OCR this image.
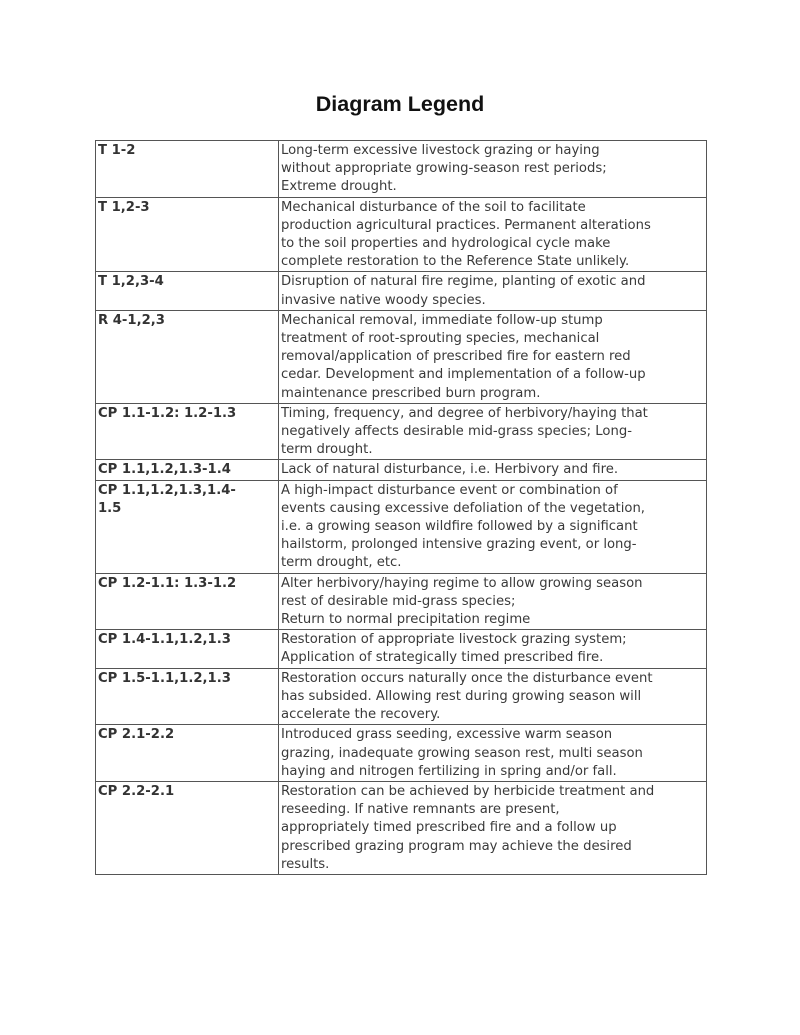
Diagram Legend
T 1-2	Long-term excessive livestock grazing or haying
without appropriate growing-season rest periods;
Extreme drought.
T 1,2-3	Mechanical disturbance of the soil to facilitate
production agricultural practices. Permanent alterations
to the soil properties and hydrological cycle make
complete restoration to the Reference State unlikely.
T 1,2,3-4	Disruption of natural fire regime, planting of exotic and
invasive native woody species.
R 4-1,2,3	Mechanical removal, immediate follow-up stump
treatment of root-sprouting species, mechanical
removal/application of prescribed fire for eastern red
cedar. Development and implementation of a follow-up
maintenance prescribed burn program.
CP 1.1-1.2: 1.2-1.3	Timing, frequency, and degree of herbivory/haying that
negatively affects desirable mid-grass species; Long-
term drought.
CP 1.1,1.2,1.3-1.4	Lack of natural disturbance, i.e. Herbivory and fire.
CP 1.1,1.2,1.3,1.4-
1.5	A high-impact disturbance event or combination of
events causing excessive defoliation of the vegetation,
i.e. a growing season wildfire followed by a significant
hailstorm, prolonged intensive grazing event, or long-
term drought, etc.
CP 1.2-1.1: 1.3-1.2	Alter herbivory/haying regime to allow growing season
rest of desirable mid-grass species;
Return to normal precipitation regime
CP 1.4-1.1,1.2,1.3	Restoration of appropriate livestock grazing system;
Application of strategically timed prescribed fire.
CP 1.5-1.1,1.2,1.3	Restoration occurs naturally once the disturbance event
has subsided. Allowing rest during growing season will
accelerate the recovery.
CP 2.1-2.2	Introduced grass seeding, excessive warm season
grazing, inadequate growing season rest, multi season
haying and nitrogen fertilizing in spring and/or fall.
CP 2.2-2.1	Restoration can be achieved by herbicide treatment and
reseeding. If native remnants are present,
appropriately timed prescribed fire and a follow up
prescribed grazing program may achieve the desired
results.
